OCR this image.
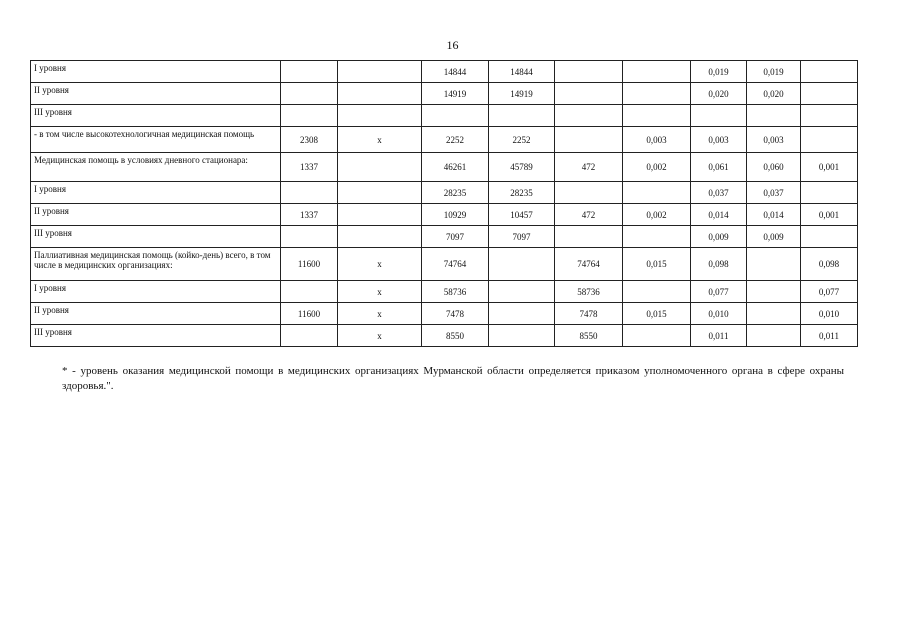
16
I уровня			14844	14844			0,019	0,019	
II уровня			14919	14919			0,020	0,020	
III уровня									
- в том числе высокотехнологичная медицинская помощь	2308	х	2252	2252		0,003	0,003	0,003	
Медицинская помощь в условиях дневного стационара:	1337		46261	45789	472	0,002	0,061	0,060	0,001
I уровня			28235	28235			0,037	0,037	
II уровня	1337		10929	10457	472	0,002	0,014	0,014	0,001
III уровня			7097	7097			0,009	0,009	
Паллиативная медицинская помощь (койко-день) всего, в том числе в медицинских организациях:	11600	х	74764		74764	0,015	0,098		0,098
I уровня		х	58736		58736		0,077		0,077
II уровня	11600	х	7478		7478	0,015	0,010		0,010
III уровня		х	8550		8550		0,011		0,011
* - уровень оказания медицинской помощи в медицинских организациях Мурманской области определяется приказом уполномоченного органа в сфере охраны здоровья.".
